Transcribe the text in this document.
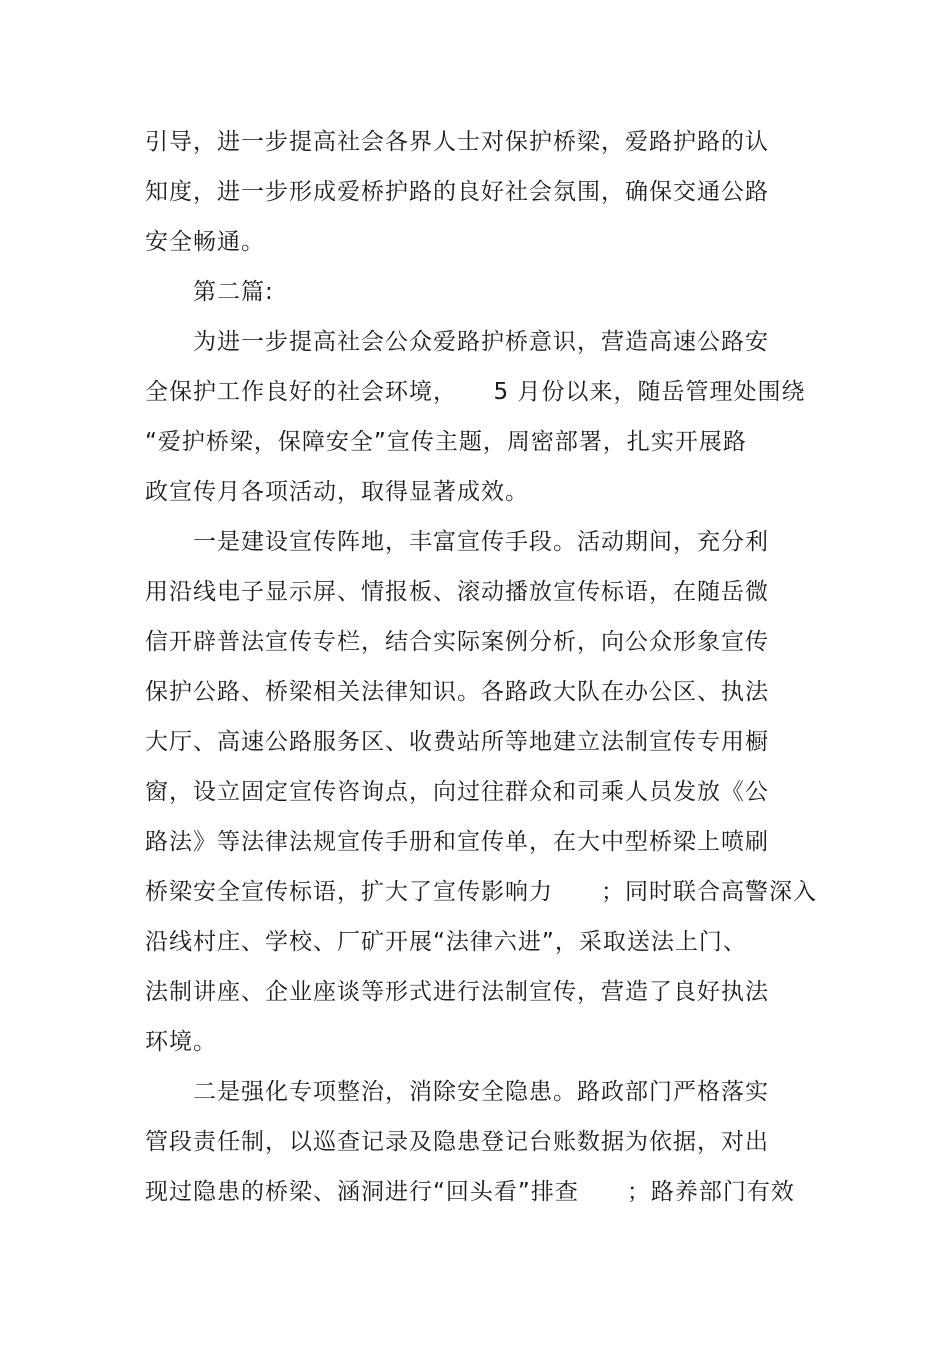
引导，进一步提高社会各界人士对保护桥梁，爱路护路的认
知度，进一步形成爱桥护路的良好社会氛围，确保交通公路
安全畅通。
第二篇:
为进一步提高社会公众爱路护桥意识，营造高速公路安
全保护工作良好的社会环境，　　5 月份以来，随岳管理处围绕
“爱护桥梁，保障安全”宣传主题，周密部署，扎实开展路
政宣传月各项活动，取得显著成效。
一是建设宣传阵地，丰富宣传手段。活动期间，充分利
用沿线电子显示屏、情报板、滚动播放宣传标语，在随岳微
信开辟普法宣传专栏，结合实际案例分析，向公众形象宣传
保护公路、桥梁相关法律知识。各路政大队在办公区、执法
大厅、高速公路服务区、收费站所等地建立法制宣传专用橱
窗，设立固定宣传咨询点，向过往群众和司乘人员发放《公
路法》等法律法规宣传手册和宣传单，在大中型桥梁上喷刷
桥梁安全宣传标语，扩大了宣传影响力　　；同时联合高警深入
沿线村庄、学校、厂矿开展“法律六进”，采取送法上门、
法制讲座、企业座谈等形式进行法制宣传，营造了良好执法
环境。
二是强化专项整治，消除安全隐患。路政部门严格落实
管段责任制，以巡查记录及隐患登记台账数据为依据，对出
现过隐患的桥梁、涵洞进行“回头看”排查　　；路养部门有效
